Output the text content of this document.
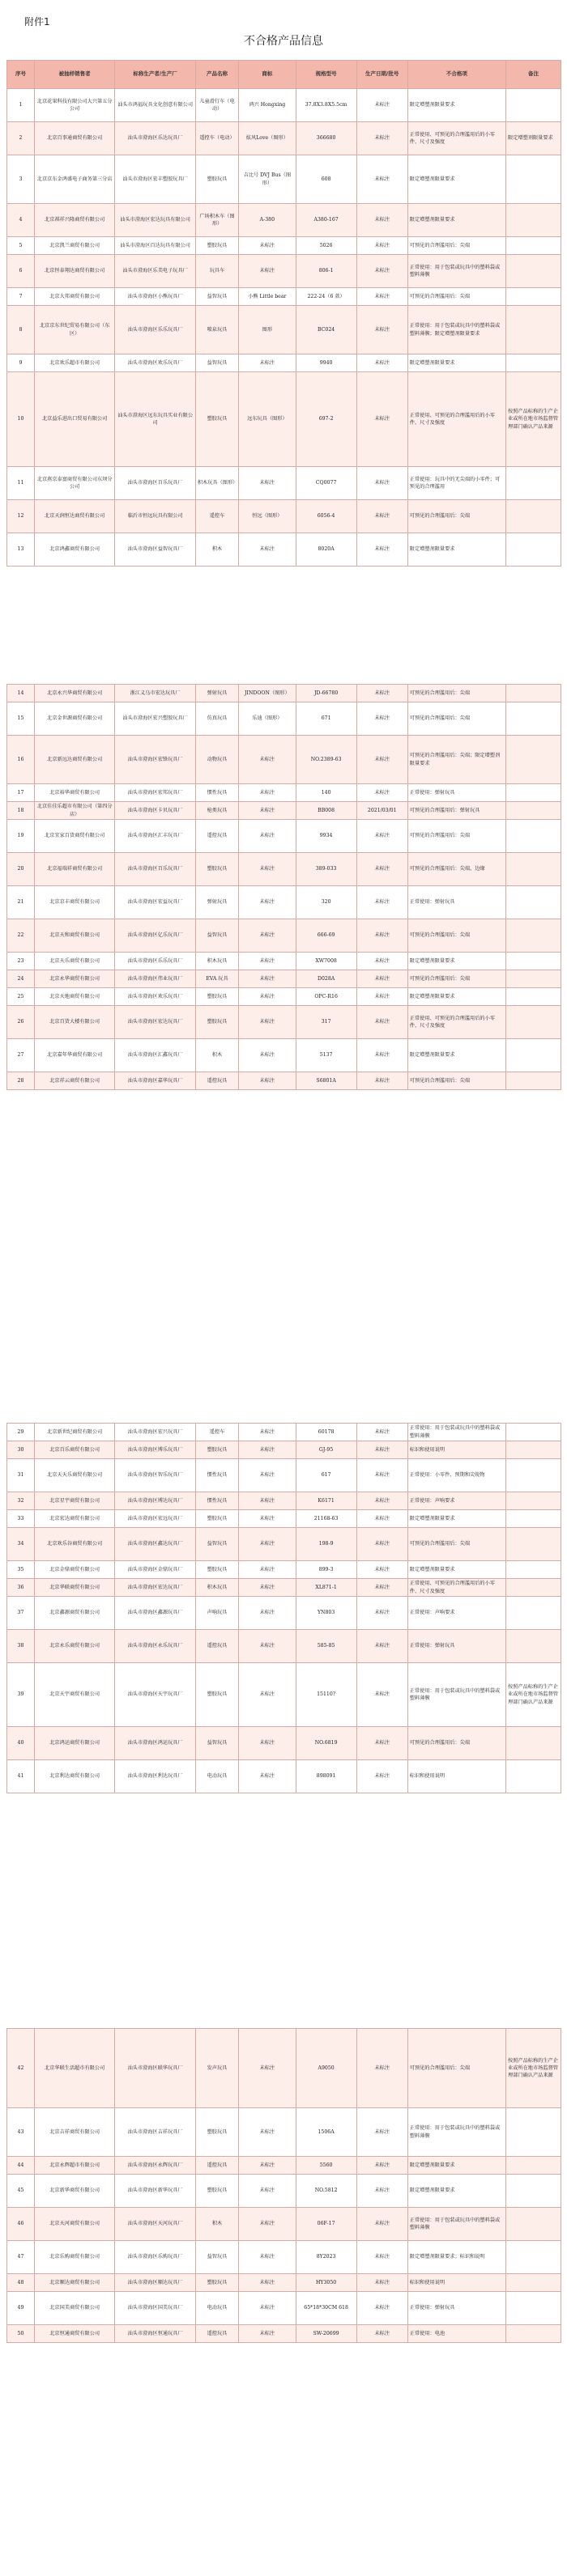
附件1
不合格产品信息
序号	被抽样销售者	标称生产者/生产厂	产品名称	商标	规格型号	生产日期/批号	不合格项	备注
1	北京花果科技有限公司大兴第五分公司	汕头市鸿福玩具文化创意有限公司	儿童滑行车（电动）	鸿兴 Hongxing	37.8X3.8X5.5cm	未标注	限定增塑剂限量要求	
2	北京百事通商贸有限公司	汕头市澄海区乐达玩具厂	遥控车（电动）	炫风Love（图形）	366680	未标注	正常使用、可预见的合理滥用后的小零件、尺寸及强度	限定增塑剂限量要求
3	北京京东金鸿盛电子商务第三分店	汕头市澄海区宏丰塑胶玩具厂	塑胶玩具	吉比号 DVJ Bus（图形）	608	未标注	限定增塑剂限量要求	
4	北京祺祥兴隆商贸有限公司	汕头市澄海区宏达玩具有限公司	广场积木车（图形）	A-380	A380-167	未标注	限定增塑剂限量要求	
5	北京凯兰商贸有限公司	汕头市澄海区百达玩具有限公司	塑胶玩具	未标注	5026	未标注	可预见的合理滥用后：尖端	
6	北京恒泰翔达商贸有限公司	汕头市澄海区乐美电子玩具厂	玩具车	未标注	806-1	未标注	正常使用：用于包装或玩具中的塑料袋或塑料薄膜	
7	北京大邦商贸有限公司	汕头市澄海区小熊玩具厂	益智玩具	小熊 Little bear	222-24（6 款）	未标注	可预见的合理滥用后：尖端	
8	北京京东世纪贸易有限公司（东区）	汕头市澄海区乐乐玩具厂	喷泉玩具	图形	BC024	未标注	正常使用：用于包装或玩具中的塑料袋或塑料薄膜；限定增塑剂限量要求	
9	北京欢乐超市有限公司	汕头市澄海区欢乐玩具厂	益智玩具	未标注	9940	未标注	限定增塑剂限量要求	
10	北京益乐进出口贸易有限公司	汕头市澄海区远东玩具实业有限公司	塑胶玩具	远东玩具（图形）	697-2	未标注	正常使用、可预见的合理滥用后的小零件、尺寸及强度	按照产品标称的生产企业或所在地市场监督管理部门确认产品来源
11	北京燕京泰富商贸有限公司东坝分公司	汕头市澄海区百乐玩具厂	积木玩具（图形）	未标注	CQ0077	未标注	正常使用：玩具中的无尖端的小零件；可预见的合理滥用	
12	北京天润恒达商贸有限公司	临沂市恒远玩具有限公司	遥控车	恒远（图形）	6056-4	未标注	可预见的合理滥用后：尖端	
13	北京鸿鑫商贸有限公司	汕头市澄海区益智玩具厂	积木	未标注	8020A	未标注	限定增塑剂限量要求	
14	北京永兴华商贸有限公司	浙江义乌市宏达玩具厂	弹射玩具	JINDOON（图形）	JD-66780	未标注	可预见的合理滥用后：尖端	
15	北京金世源商贸有限公司	汕头市澄海区宏兴塑胶玩具厂	仿真玩具	乐迪（图形）	671	未标注	可预见的合理滥用后：尖端	
16	北京新远达商贸有限公司	汕头市澄海区宏锋玩具厂	动物玩具	未标注	NO.2389-63	未标注	可预见的合理滥用后：尖端；限定增塑剂限量要求	
17	北京裕华商贸有限公司	汕头市澄海区宏邦玩具厂	惯性玩具	未标注	140	未标注	正常使用：弹射玩具	
18	北京佳佳乐超市有限公司（第四分店）	汕头市澄海区卡贝玩具厂	枪类玩具	未标注	BB008	2021/03/01	可预见的合理滥用后：弹射玩具	
19	北京宜家百货商贸有限公司	汕头市澄海区汇丰玩具厂	遥控玩具	未标注	9934	未标注	可预见的合理滥用后：尖端	
20	北京福瑞祥商贸有限公司	汕头市澄海区百乐玩具厂	塑胶玩具	未标注	389-033	未标注	可预见的合理滥用后：尖端、边缘	
21	北京京丰商贸有限公司	汕头市澄海区宏益玩具厂	弹射玩具	未标注	320	未标注	正常使用：弹射玩具	
22	北京天和商贸有限公司	汕头市澄海区亿乐玩具厂	益智玩具	未标注	666-69	未标注	可预见的合理滥用后：尖端	
23	北京天乐商贸有限公司	汕头市澄海区乐乐玩具厂	积木玩具	未标注	XW7008	未标注	限定增塑剂限量要求	
24	北京永华商贸有限公司	汕头市澄海区伟业玩具厂	EVA 玩具	未标注	D028A	未标注	可预见的合理滥用后：尖端	
25	北京天地商贸有限公司	汕头市澄海区欢乐玩具厂	塑胶玩具	未标注	OPC-R16	未标注	限定增塑剂限量要求	
26	北京百货大楼有限公司	汕头市澄海区宏达玩具厂	塑胶玩具	未标注	317	未标注	正常使用、可预见的合理滥用后的小零件、尺寸及强度	
27	北京嘉年华商贸有限公司	汕头市澄海区汇鑫玩具厂	积木	未标注	5137	未标注	限定增塑剂限量要求	
28	北京祥云商贸有限公司	汕头市澄海区嘉华玩具厂	遥控玩具	未标注	S6801A	未标注	可预见的合理滥用后：尖端	
29	北京新世纪商贸有限公司	汕头市澄海区宏兴玩具厂	遥控车	未标注	60178	未标注	正常使用：用于包装或玩具中的塑料袋或塑料薄膜	
30	北京百乐商贸有限公司	汕头市澄海区博乐玩具厂	塑胶玩具	未标注	GJ-95	未标注	标识和使用说明	
31	北京天天乐商贸有限公司	汕头市澄海区智乐玩具厂	惯性玩具	未标注	617	未标注	正常使用：小零件、预期和尖锐物	
32	北京星宇商贸有限公司	汕头市澄海区博达玩具厂	惯性玩具	未标注	K6171	未标注	正常使用：声响要求	
33	北京宏达商贸有限公司	汕头市澄海区宏远玩具厂	塑胶玩具	未标注	21168-63	未标注	限定增塑剂限量要求	
34	北京欢乐谷商贸有限公司	汕头市澄海区鑫达玩具厂	益智玩具	未标注	198-9	未标注	可预见的合理滥用后：尖端	
35	北京金鼎商贸有限公司	汕头市澄海区金鼎玩具厂	塑胶玩具	未标注	899-3	未标注	限定增塑剂限量要求	
36	北京华联商贸有限公司	汕头市澄海区宏达玩具厂	积木玩具	未标注	XL871-1	未标注	正常使用、可预见的合理滥用后的小零件、尺寸及强度	
37	北京鑫源商贸有限公司	汕头市澄海区鑫源玩具厂	声响玩具	未标注	YN803	未标注	正常使用：声响要求	
38	北京永乐商贸有限公司	汕头市澄海区永乐玩具厂	遥控玩具	未标注	585-85	未标注	正常使用：弹射玩具	
39	北京天宇商贸有限公司	汕头市澄海区天宇玩具厂	塑胶玩具	未标注	15110?	未标注	正常使用：用于包装或玩具中的塑料袋或塑料薄膜	按照产品标称的生产企业或所在地市场监督管理部门确认产品来源
40	北京鸿运商贸有限公司	汕头市澄海区鸿运玩具厂	益智玩具	未标注	NO.6819	未标注	可预见的合理滥用后：尖端	
41	北京利达商贸有限公司	汕头市澄海区利达玩具厂	电动玩具	未标注	898091	未标注	标识和使用说明	
42	北京华联生活超市有限公司	汕头市澄海区联华玩具厂	发声玩具	未标注	A9050	未标注	可预见的合理滥用后：尖端	按照产品标称的生产企业或所在地市场监督管理部门确认产品来源
43	北京吉祥商贸有限公司	汕头市澄海区吉祥玩具厂	塑胶玩具	未标注	1506A	未标注	正常使用：用于包装或玩具中的塑料袋或塑料薄膜	
44	北京永辉超市有限公司	汕头市澄海区永辉玩具厂	遥控玩具	未标注	5560	未标注	限定增塑剂限量要求	
45	北京新华商贸有限公司	汕头市澄海区新华玩具厂	塑胶玩具	未标注	NO.5812	未标注	限定增塑剂限量要求	
46	北京天河商贸有限公司	汕头市澄海区天河玩具厂	积木	未标注	06F-17	未标注	正常使用：用于包装或玩具中的塑料袋或塑料薄膜	
47	北京乐购商贸有限公司	汕头市澄海区乐购玩具厂	益智玩具	未标注	8Y2023	未标注	限定增塑剂限量要求；标识和说明	
48	北京顺达商贸有限公司	汕头市澄海区顺达玩具厂	塑胶玩具	未标注	HY3050	未标注	标识和使用说明	
49	北京国美商贸有限公司	汕头市澄海区国美玩具厂	电动玩具	未标注	65*18*30CM 618	未标注	正常使用：弹射玩具	
50	北京恒通商贸有限公司	汕头市澄海区恒通玩具厂	遥控玩具	未标注	SW-20699	未标注	正常使用：电池	
